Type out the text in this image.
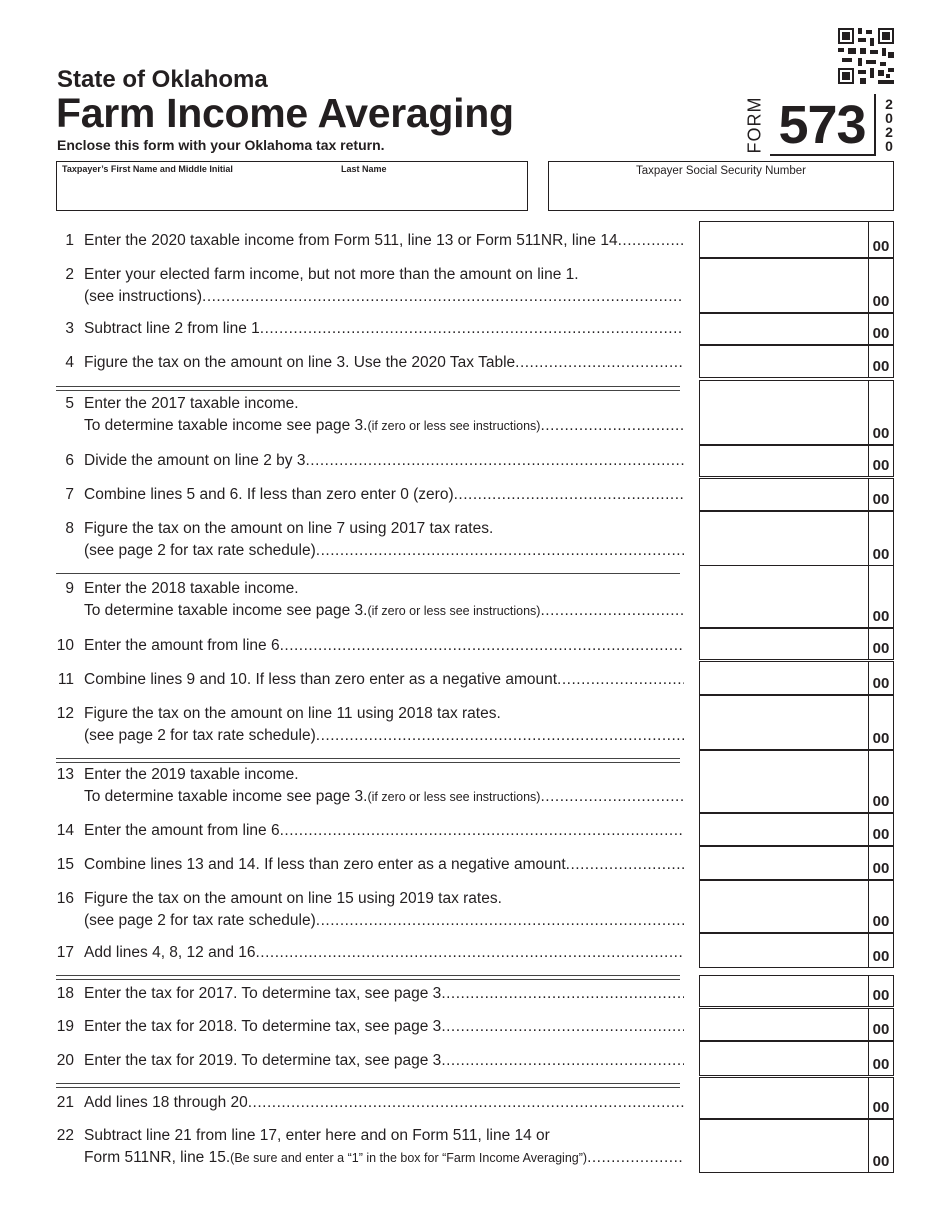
State of Oklahoma
Farm Income Averaging
Enclose this form with your Oklahoma tax return.	FORM 573	2
0
2
0
Taxpayer’s First Name and Middle Initial	Last Name	Taxpayer Social Security Number
1 Enter the 2020 taxable income from Form 511, line 13 or Form 511NR, line 14 .....	00
2 Enter your elected farm income, but not more than the amount on line 1.
(see instructions) .....	00
3 Subtract line 2 from line 1 .....	00
4 Figure the tax on the amount on line 3. Use the 2020 Tax Table .....	00
5 Enter the 2017 taxable income.
To determine taxable income see page 3. (if zero or less see instructions) .....	00
6 Divide the amount on line 2 by 3 .....	00
7 Combine lines 5 and 6. If less than zero enter 0 (zero) .....	00
8 Figure the tax on the amount on line 7 using 2017 tax rates.
(see page 2 for tax rate schedule) .....	00
9 Enter the 2018 taxable income.
To determine taxable income see page 3. (if zero or less see instructions) .....	00
10 Enter the amount from line 6 .....	00
11 Combine lines 9 and 10. If less than zero enter as a negative amount .....	00
12 Figure the tax on the amount on line 11 using 2018 tax rates.
(see page 2 for tax rate schedule) .....	00
13 Enter the 2019 taxable income.
To determine taxable income see page 3. (if zero or less see instructions) .....	00
14 Enter the amount from line 6 .....	00
15 Combine lines 13 and 14. If less than zero enter as a negative amount .....	00
16 Figure the tax on the amount on line 15 using 2019 tax rates.
(see page 2 for tax rate schedule) .....	00
17 Add lines 4, 8, 12 and 16 .....	00
18 Enter the tax for 2017. To determine tax, see page 3 .....	00
19 Enter the tax for 2018. To determine tax, see page 3 .....	00
20 Enter the tax for 2019. To determine tax, see page 3 .....	00
21 Add lines 18 through 20 .....	00
22 Subtract line 21 from line 17, enter here and on Form 511, line 14 or
Form 511NR, line 15. (Be sure and enter a “1” in the box for “Farm Income Averaging”) .....	00
